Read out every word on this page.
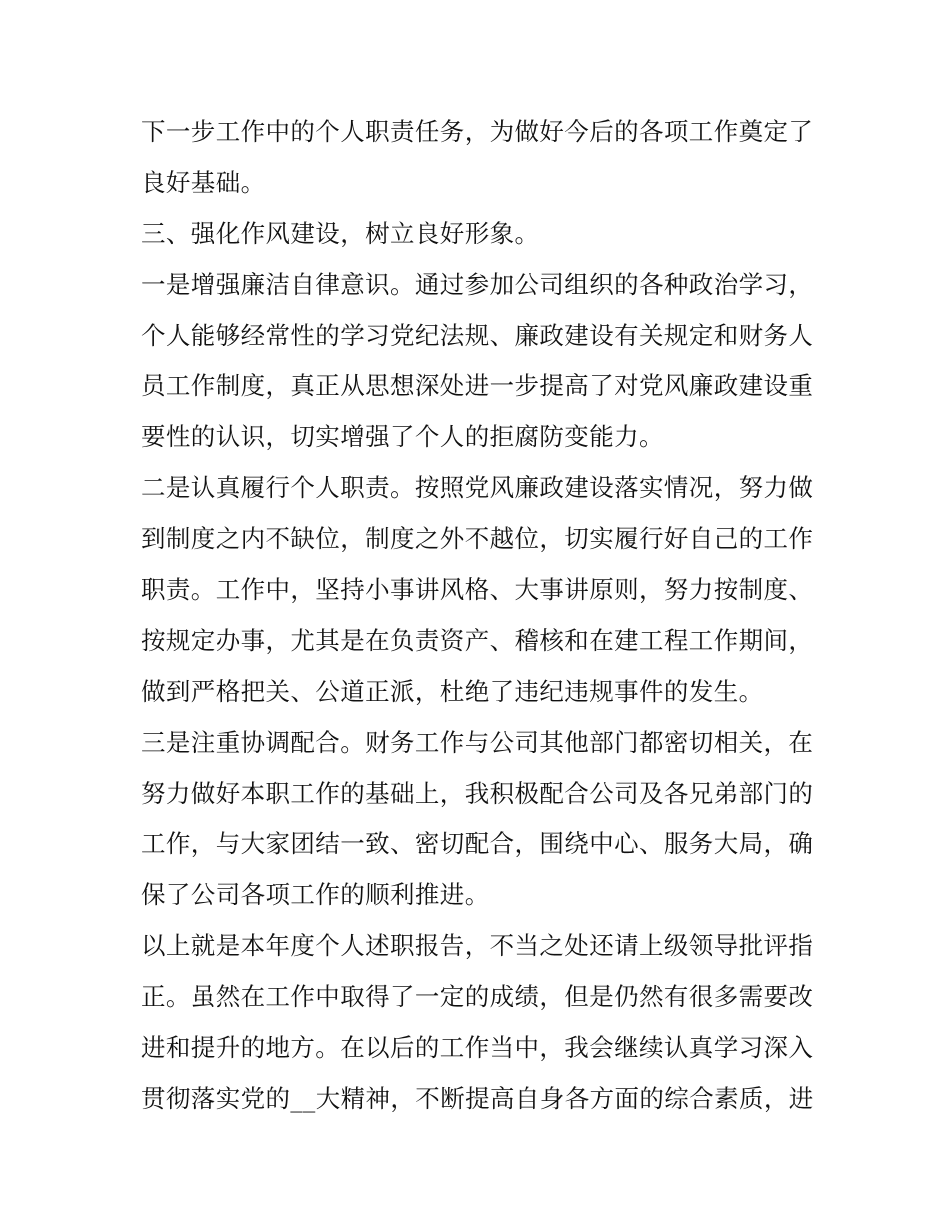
下一步工作中的个人职责任务，为做好今后的各项工作奠定了
良好基础。
三、强化作风建设，树立良好形象。
一是增强廉洁自律意识。通过参加公司组织的各种政治学习，
个人能够经常性的学习党纪法规、廉政建设有关规定和财务人
员工作制度，真正从思想深处进一步提高了对党风廉政建设重
要性的认识，切实增强了个人的拒腐防变能力。
二是认真履行个人职责。按照党风廉政建设落实情况，努力做
到制度之内不缺位，制度之外不越位，切实履行好自己的工作
职责。工作中，坚持小事讲风格、大事讲原则，努力按制度、
按规定办事，尤其是在负责资产、稽核和在建工程工作期间，
做到严格把关、公道正派，杜绝了违纪违规事件的发生。
三是注重协调配合。财务工作与公司其他部门都密切相关，在
努力做好本职工作的基础上，我积极配合公司及各兄弟部门的
工作，与大家团结一致、密切配合，围绕中心、服务大局，确
保了公司各项工作的顺利推进。
以上就是本年度个人述职报告，不当之处还请上级领导批评指
正。虽然在工作中取得了一定的成绩，但是仍然有很多需要改
进和提升的地方。在以后的工作当中，我会继续认真学习深入
贯彻落实党的__大精神，不断提高自身各方面的综合素质，进
